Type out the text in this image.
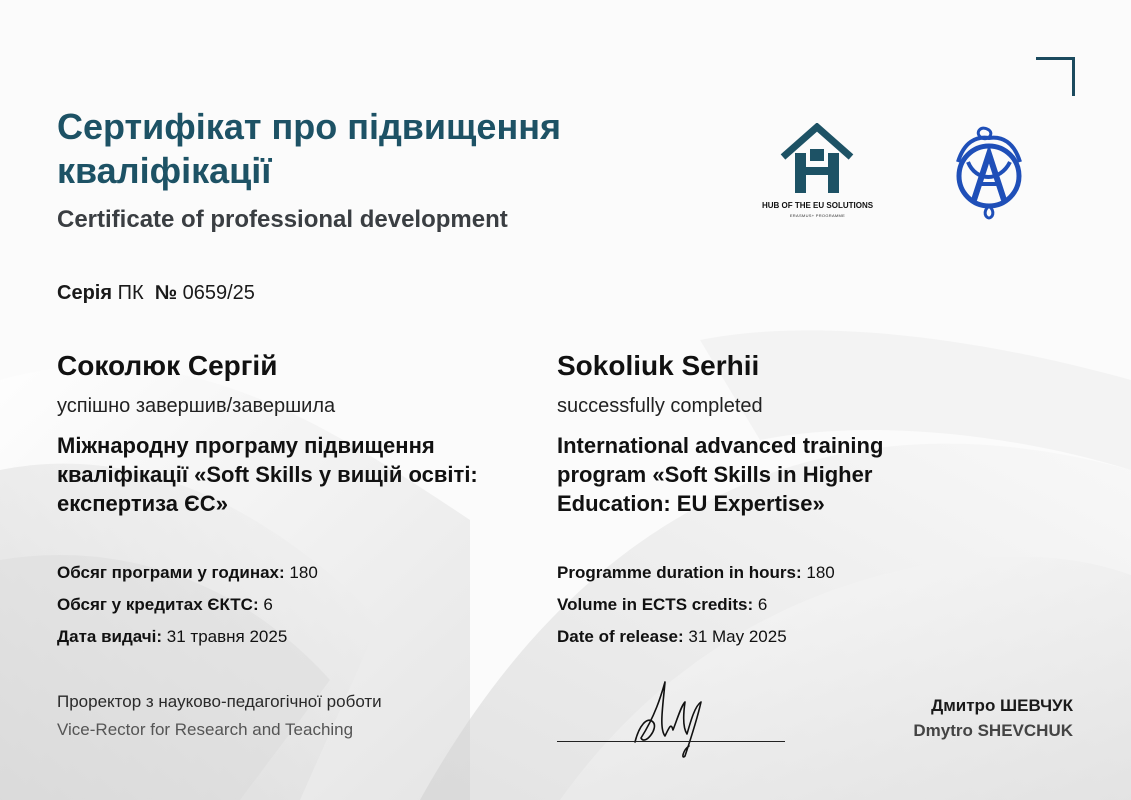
Сертифікат про підвищення кваліфікації
Certificate of professional development
HUB OF THE EU SOLUTIONS
ERASMUS+ PROGRAMME
Серія ПК № 0659/25
Соколюк Сергій
успішно завершив/завершила
Міжнародну програму підвищення кваліфікації «Soft Skills у вищій освіті: експертиза ЄС»
Обсяг програми у годинах: 180
Обсяг у кредитах ЄКТС: 6
Дата видачі: 31 травня 2025
Sokoliuk Serhii
successfully completed
International advanced training program «Soft Skills in Higher Education: EU Expertise»
Programme duration in hours: 180
Volume in ECTS credits: 6
Date of release: 31 May 2025
Проректор з науково-педагогічної роботи
Vice-Rector for Research and Teaching
Дмитро ШЕВЧУК
Dmytro SHEVCHUK
